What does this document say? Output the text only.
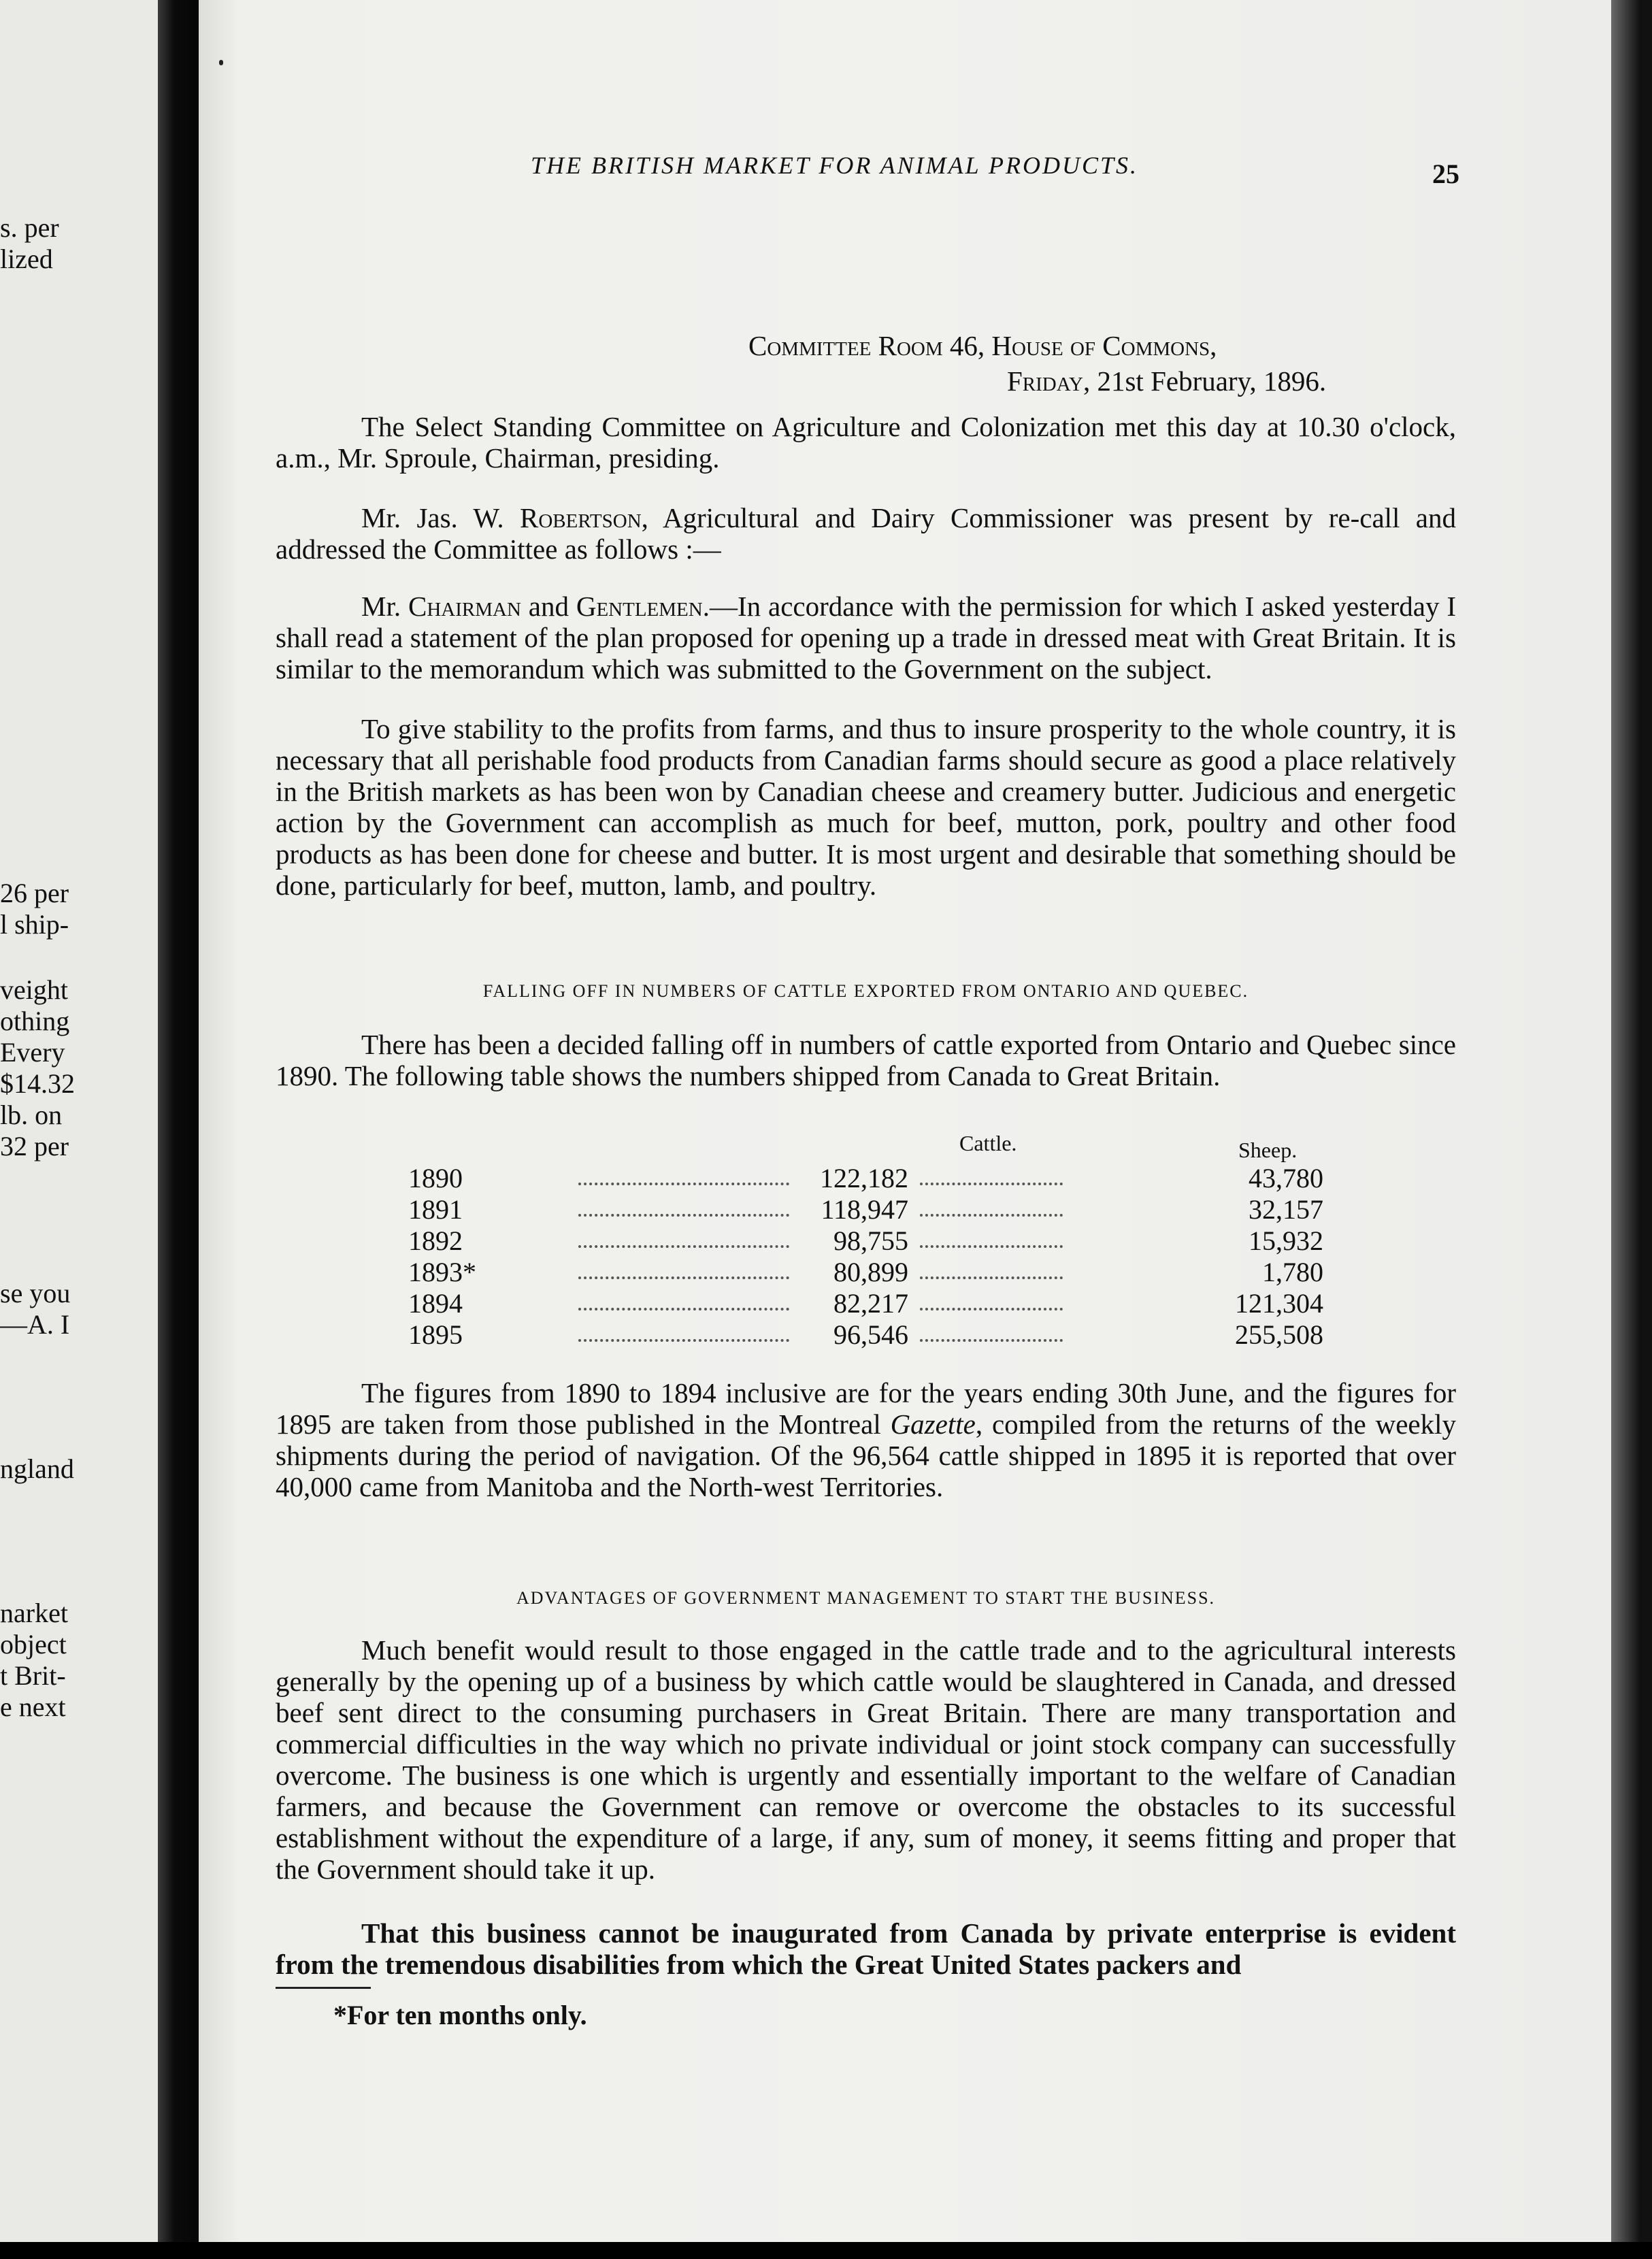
s. per
lized
26 per
l ship-
veight
othing
Every
$14.32
lb. on
32 per
se you
—A. I
ngland
narket
object
t Brit-
e next
THE BRITISH MARKET FOR ANIMAL PRODUCTS.	25
Committee Room 46, House of Commons,
Friday, 21st February, 1896.

The Select Standing Committee on Agriculture and Colonization met this day at 10.30 o'clock, a.m., Mr. Sproule, Chairman, presiding.

Mr. Jas. W. Robertson, Agricultural and Dairy Commissioner was present by re-call and addressed the Committee as follows :—

Mr. Chairman and Gentlemen.—In accordance with the permission for which I asked yesterday I shall read a statement of the plan proposed for opening up a trade in dressed meat with Great Britain. It is similar to the memorandum which was submitted to the Government on the subject.

To give stability to the profits from farms, and thus to insure prosperity to the whole country, it is necessary that all perishable food products from Canadian farms should secure as good a place relatively in the British markets as has been won by Canadian cheese and creamery butter. Judicious and energetic action by the Government can accomplish as much for beef, mutton, pork, poultry and other food products as has been done for cheese and butter. It is most urgent and desirable that something should be done, particularly for beef, mutton, lamb, and poultry.

FALLING OFF IN NUMBERS OF CATTLE EXPORTED FROM ONTARIO AND QUEBEC.

There has been a decided falling off in numbers of cattle exported from Ontario and Quebec since 1890. The following table shows the numbers shipped from Canada to Great Britain.

Cattle.	Sheep.
1890	122,182	43,780
1891	118,947	32,157
1892	98,755	15,932
1893*	80,899	1,780
1894	82,217	121,304
1895	96,546	255,508

The figures from 1890 to 1894 inclusive are for the years ending 30th June, and the figures for 1895 are taken from those published in the Montreal Gazette, compiled from the returns of the weekly shipments during the period of navigation. Of the 96,564 cattle shipped in 1895 it is reported that over 40,000 came from Manitoba and the North-west Territories.

ADVANTAGES OF GOVERNMENT MANAGEMENT TO START THE BUSINESS.

Much benefit would result to those engaged in the cattle trade and to the agricultural interests generally by the opening up of a business by which cattle would be slaughtered in Canada, and dressed beef sent direct to the consuming purchasers in Great Britain. There are many transportation and commercial difficulties in the way which no private individual or joint stock company can successfully overcome. The business is one which is urgently and essentially important to the welfare of Canadian farmers, and because the Government can remove or overcome the obstacles to its successful establishment without the expenditure of a large, if any, sum of money, it seems fitting and proper that the Government should take it up.

That this business cannot be inaugurated from Canada by private enterprise is evident from the tremendous disabilities from which the Great United States packers and

*For ten months only.
